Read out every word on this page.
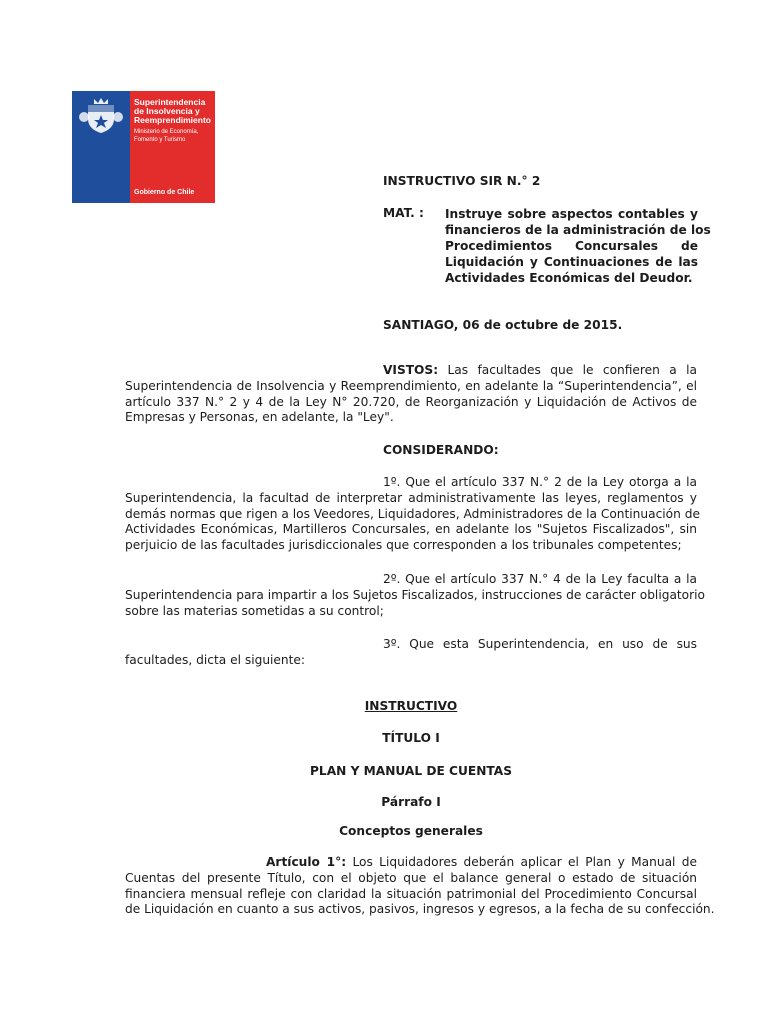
Superintendencia
de Insolvencia y
Reemprendimiento
Ministerio de Economía,
Fomento y Turismo
Gobierno de Chile
INSTRUCTIVO SIR N.° 2
MAT. : Instruye sobre aspectos contables y
financieros de la administración de los
Procedimientos Concursales de
Liquidación y Continuaciones de las
Actividades Económicas del Deudor.
SANTIAGO, 06 de octubre de 2015.
VISTOS: Las facultades que le confieren a la
Superintendencia de Insolvencia y Reemprendimiento, en adelante la “Superintendencia”, el
artículo 337 N.° 2 y 4 de la Ley N° 20.720, de Reorganización y Liquidación de Activos de
Empresas y Personas, en adelante, la "Ley".
CONSIDERANDO:
1º. Que el artículo 337 N.° 2 de la Ley otorga a la
Superintendencia, la facultad de interpretar administrativamente las leyes, reglamentos y
demás normas que rigen a los Veedores, Liquidadores, Administradores de la Continuación de
Actividades Económicas, Martilleros Concursales, en adelante los "Sujetos Fiscalizados", sin
perjuicio de las facultades jurisdiccionales que corresponden a los tribunales competentes;
2º. Que el artículo 337 N.° 4 de la Ley faculta a la
Superintendencia para impartir a los Sujetos Fiscalizados, instrucciones de carácter obligatorio
sobre las materias sometidas a su control;
3º. Que esta Superintendencia, en uso de sus
facultades, dicta el siguiente:
INSTRUCTIVO
TÍTULO I
PLAN Y MANUAL DE CUENTAS
Párrafo I
Conceptos generales
Artículo 1°: Los Liquidadores deberán aplicar el Plan y Manual de
Cuentas del presente Título, con el objeto que el balance general o estado de situación
financiera mensual refleje con claridad la situación patrimonial del Procedimiento Concursal
de Liquidación en cuanto a sus activos, pasivos, ingresos y egresos, a la fecha de su confección.
